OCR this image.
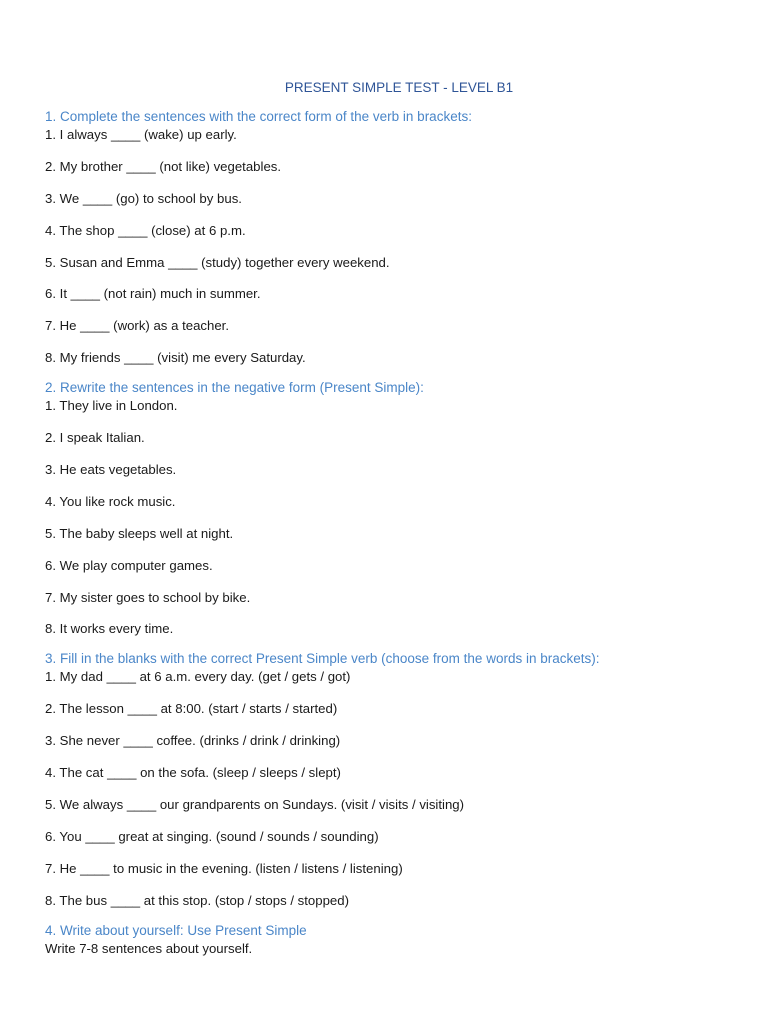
PRESENT SIMPLE TEST - LEVEL B1
1. Complete the sentences with the correct form of the verb in brackets:
1. I always ____ (wake) up early.
2. My brother ____ (not like) vegetables.
3. We ____ (go) to school by bus.
4. The shop ____ (close) at 6 p.m.
5. Susan and Emma ____ (study) together every weekend.
6. It ____ (not rain) much in summer.
7. He ____ (work) as a teacher.
8. My friends ____ (visit) me every Saturday.
2. Rewrite the sentences in the negative form (Present Simple):
1. They live in London.
2. I speak Italian.
3. He eats vegetables.
4. You like rock music.
5. The baby sleeps well at night.
6. We play computer games.
7. My sister goes to school by bike.
8. It works every time.
3. Fill in the blanks with the correct Present Simple verb (choose from the words in brackets):
1. My dad ____ at 6 a.m. every day. (get / gets / got)
2. The lesson ____ at 8:00. (start / starts / started)
3. She never ____ coffee. (drinks / drink / drinking)
4. The cat ____ on the sofa. (sleep / sleeps / slept)
5. We always ____ our grandparents on Sundays. (visit / visits / visiting)
6. You ____ great at singing. (sound / sounds / sounding)
7. He ____ to music in the evening. (listen / listens / listening)
8. The bus ____ at this stop. (stop / stops / stopped)
4. Write about yourself: Use Present Simple

Write 7-8 sentences about yourself.
